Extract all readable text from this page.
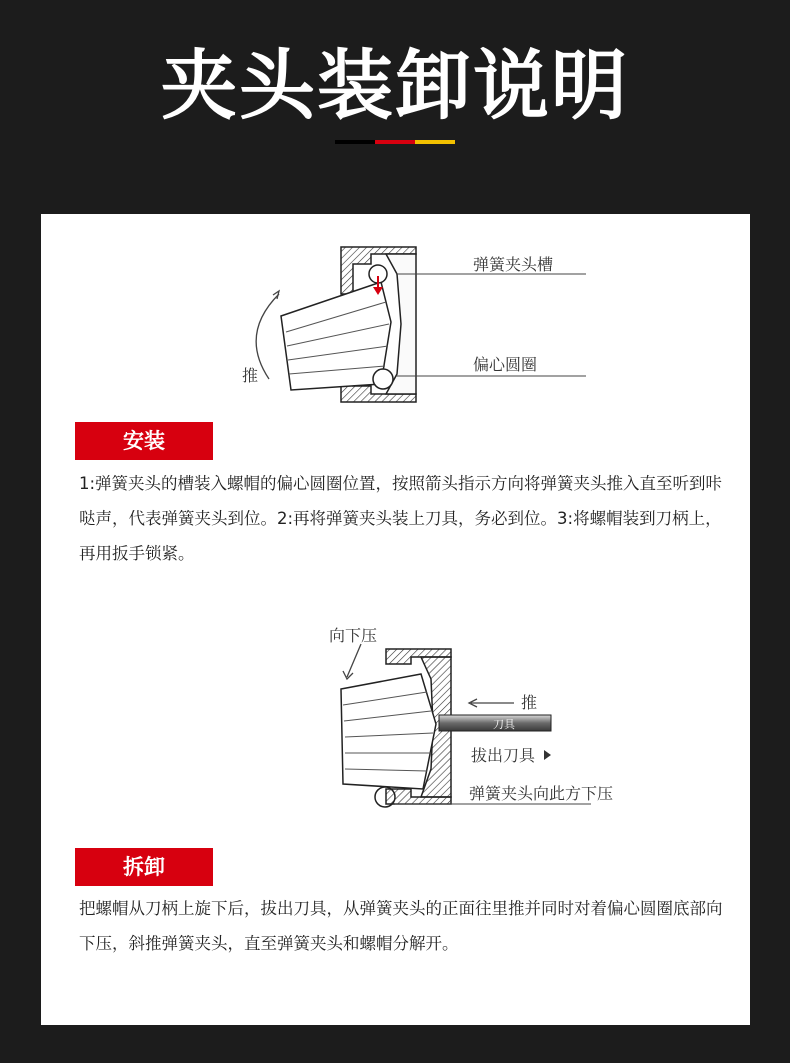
夹头装卸说明
弹簧夹头槽
偏心圆圈
推
安装
1:弹簧夹头的槽装入螺帽的偏心圆圈位置，按照箭头指示方向将弹簧夹头推入直至听到咔哒声，代表弹簧夹头到位。2:再将弹簧夹头装上刀具，务必到位。3:将螺帽装到刀柄上，再用扳手锁紧。
刀具
向下压
推
拔出刀具
弹簧夹头向此方下压
拆卸
把螺帽从刀柄上旋下后，拔出刀具，从弹簧夹头的正面往里推并同时对着偏心圆圈底部向下压，斜推弹簧夹头，直至弹簧夹头和螺帽分解开。
